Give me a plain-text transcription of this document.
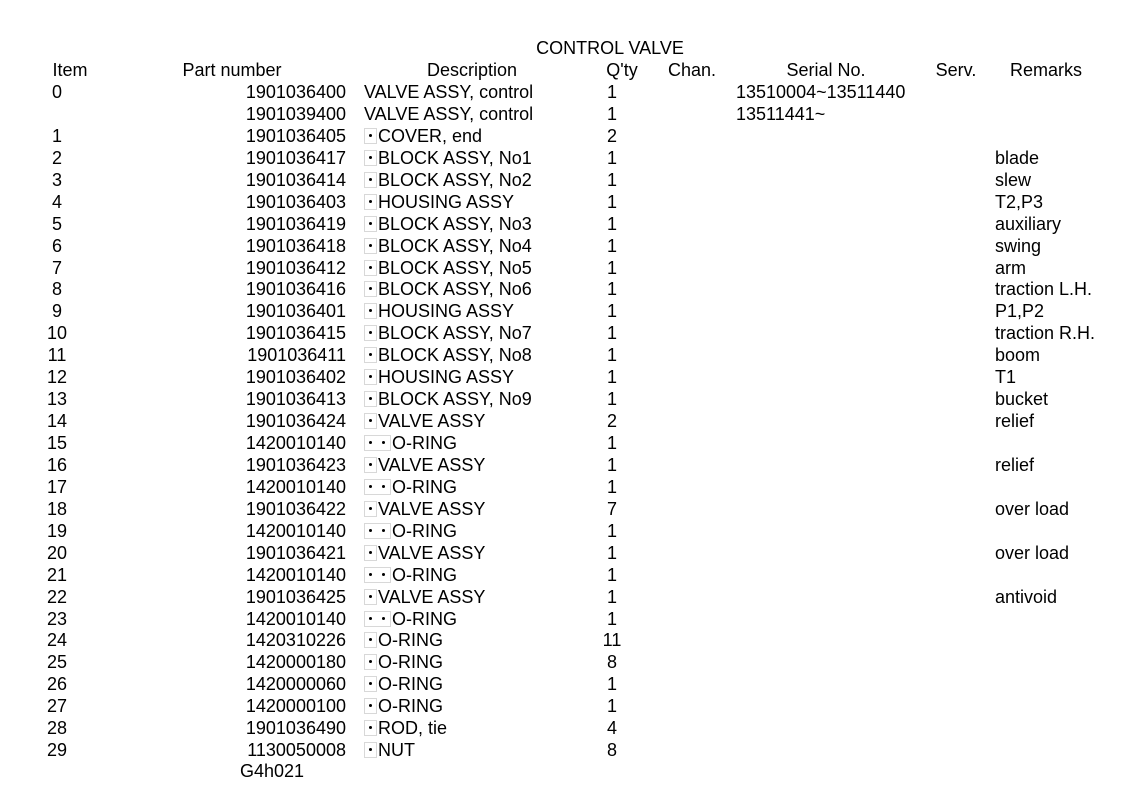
CONTROL VALVE
Item	Part number	Description	Q'ty	Chan.	Serial No.	Serv.	Remarks
0	1901036400 VALVE ASSY, control	1	13510004~13511440
1901039400 VALVE ASSY, control	1	13511441~
1	1901036405	COVER, end	2
2	1901036417	BLOCK ASSY, No1	1	blade
3	1901036414	BLOCK ASSY, No2	1	slew
4	1901036403	HOUSING ASSY	1	T2,P3
5	1901036419	BLOCK ASSY, No3	1	auxiliary
6	1901036418	BLOCK ASSY, No4	1	swing
7	1901036412	BLOCK ASSY, No5	1	arm
8	1901036416	BLOCK ASSY, No6	1	traction L.H.
9	1901036401	HOUSING ASSY	1	P1,P2
10	1901036415	BLOCK ASSY, No7	1	traction R.H.
11	1901036411	BLOCK ASSY, No8	1	boom
12	1901036402	HOUSING ASSY	1	T1
13	1901036413	BLOCK ASSY, No9	1	bucket
14	1901036424	VALVE ASSY	2	relief
15	1420010140	O-RING	1
16	1901036423	VALVE ASSY	1	relief
17	1420010140	O-RING	1
18	1901036422	VALVE ASSY	7	over load
19	1420010140	O-RING	1
20	1901036421	VALVE ASSY	1	over load
21	1420010140	O-RING	1
22	1901036425	VALVE ASSY	1	antivoid
23	1420010140	O-RING	1
24	1420310226	O-RING	11
25	1420000180	O-RING	8
26	1420000060	O-RING	1
27	1420000100	O-RING	1
28	1901036490	ROD, tie	4
29	1130050008	NUT	8
G4h021
